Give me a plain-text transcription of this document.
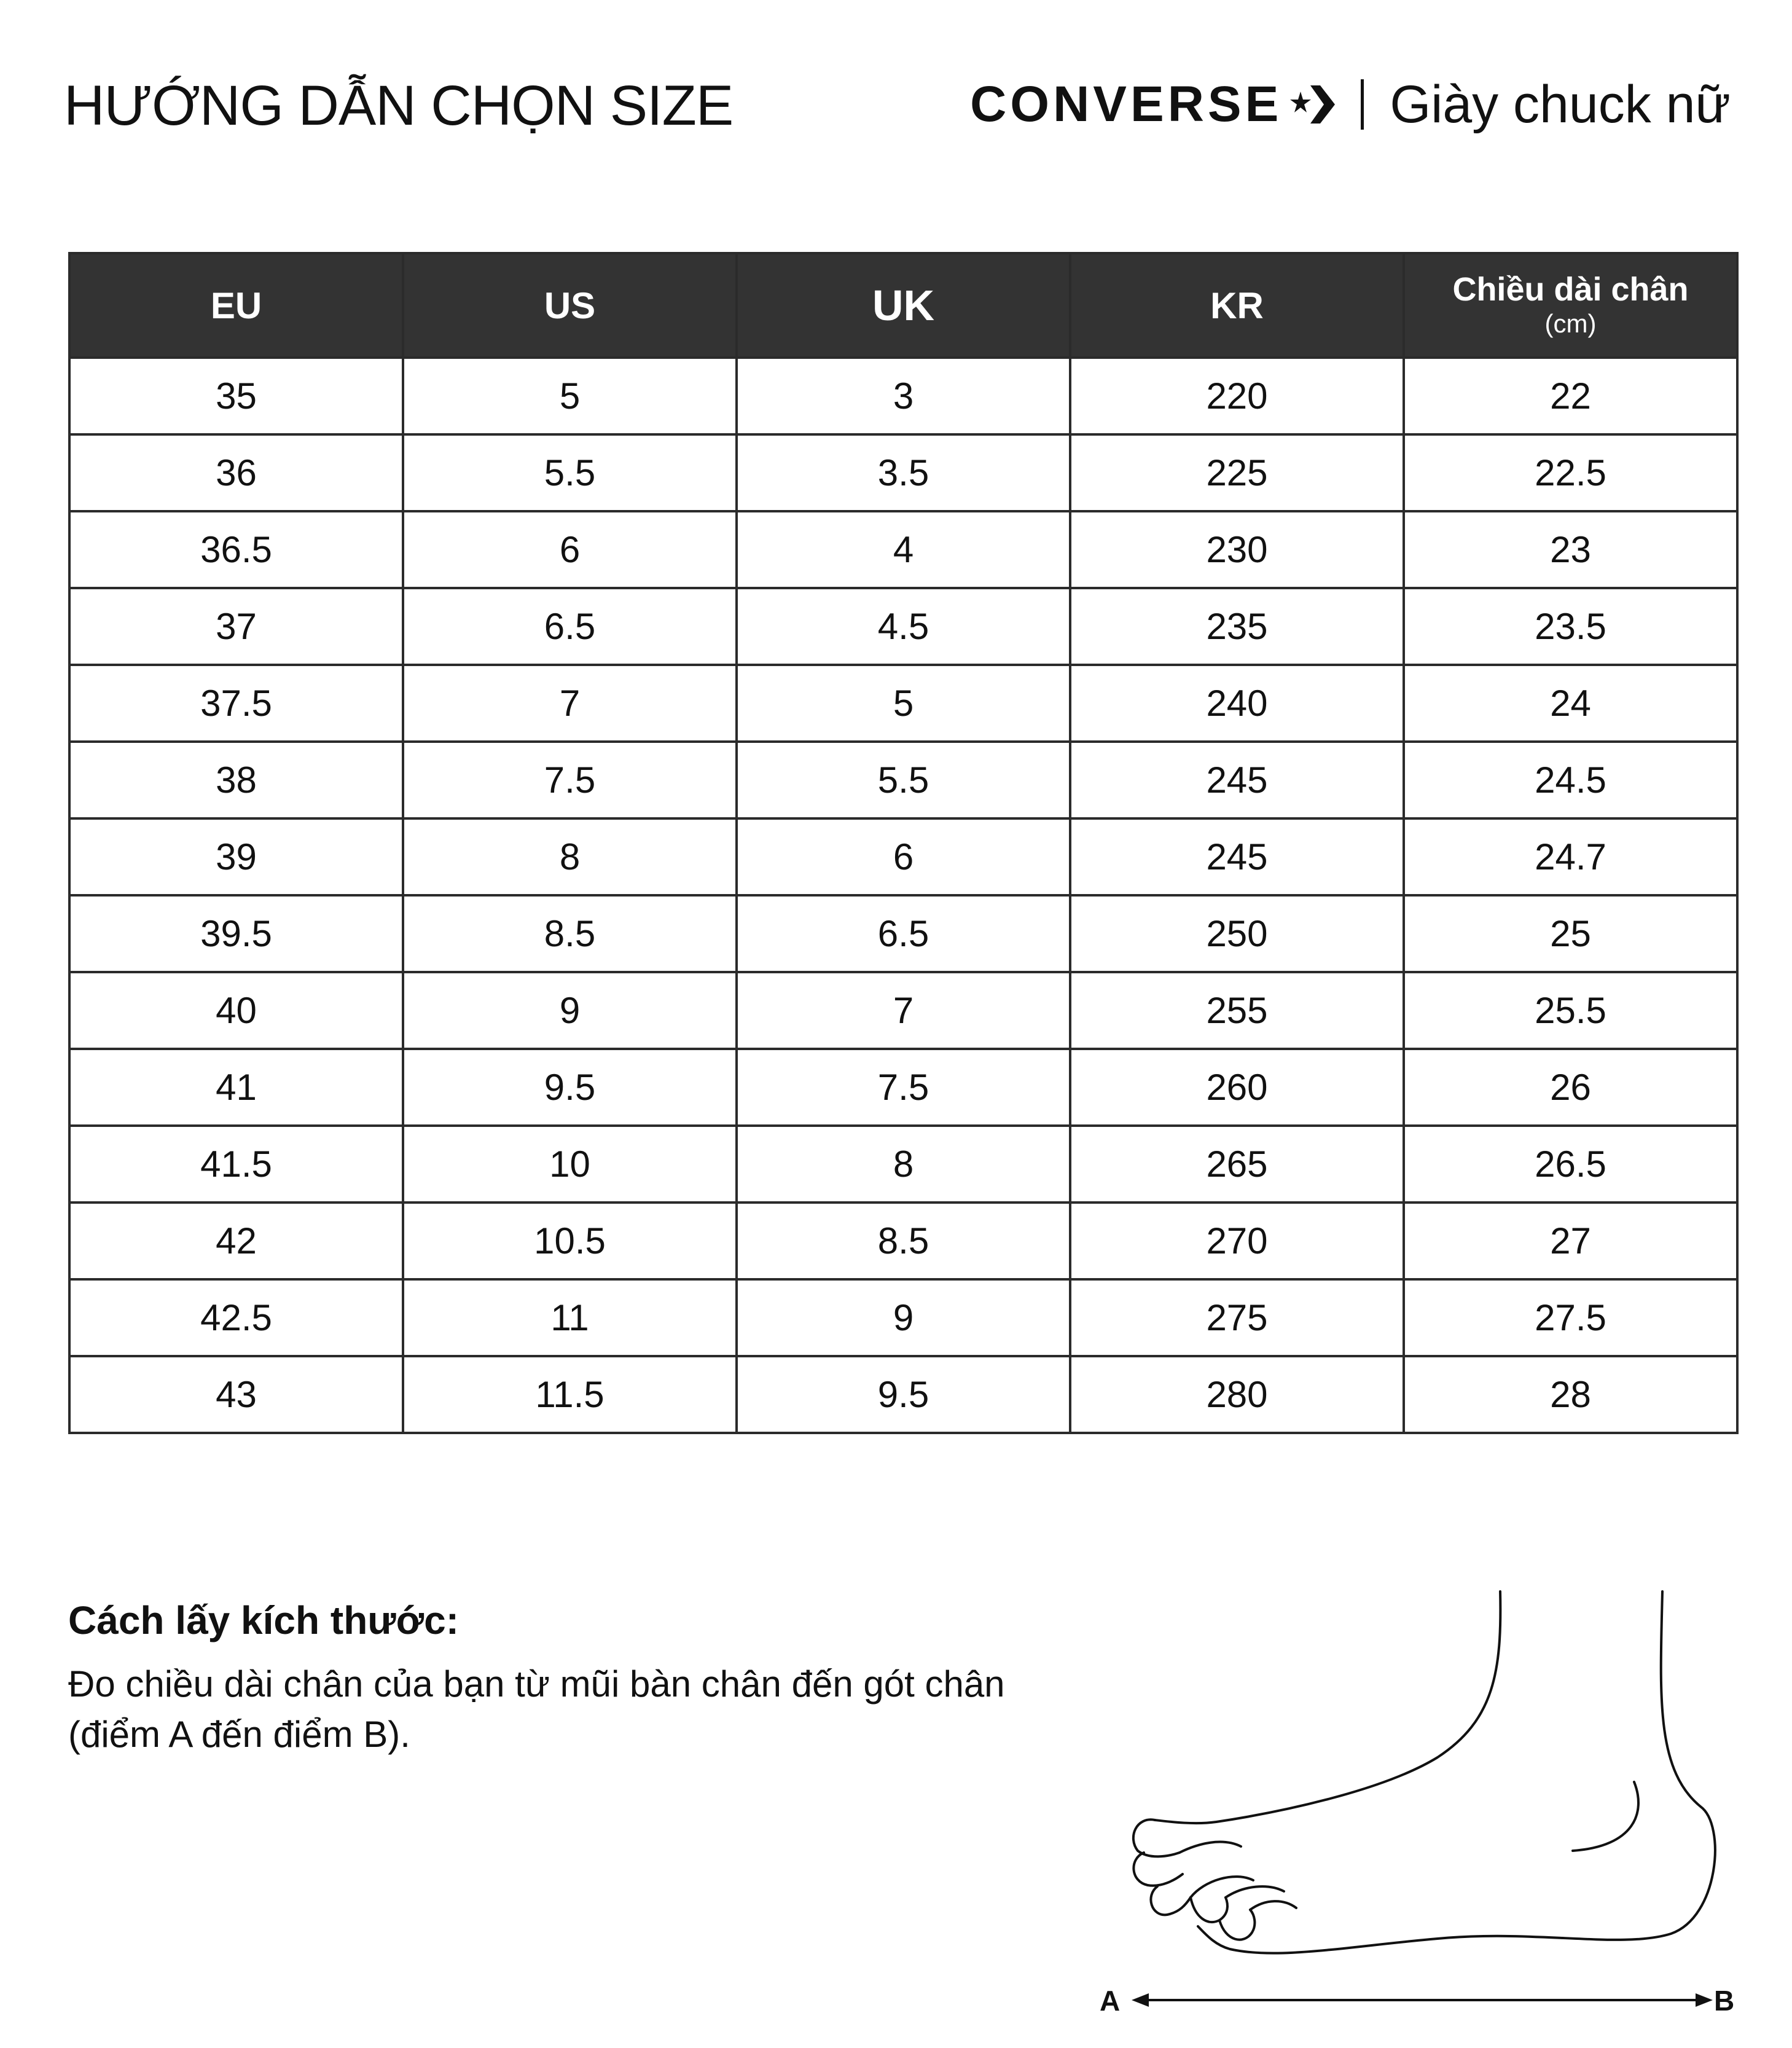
HƯỚNG DẪN CHỌN SIZE	CONVERSE Giày chuck nữ
EU	US	UK	KR	Chiều dài chân
(cm)

35	5	3	220	22
36	5.5	3.5	225	22.5
36.5	6	4	230	23
37	6.5	4.5	235	23.5
37.5	7	5	240	24
38	7.5	5.5	245	24.5
39	8	6	245	24.7
39.5	8.5	6.5	250	25
40	9	7	255	25.5
41	9.5	7.5	260	26
41.5	10	8	265	26.5
42	10.5	8.5	270	27
42.5	11	9	275	27.5
43	11.5	9.5	280	28
Cách lấy kích thước:
Đo chiều dài chân của bạn từ mũi bàn chân đến gót chân
(điểm A đến điểm B).
A	B
